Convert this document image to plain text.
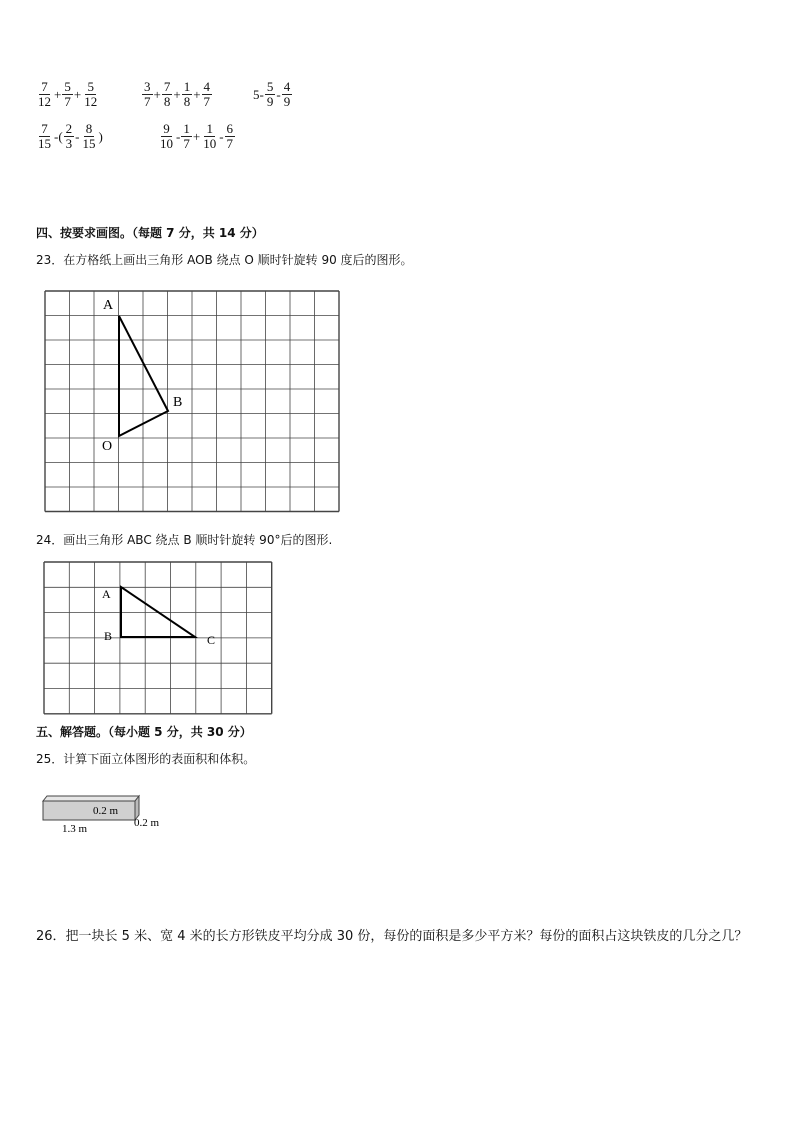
$\frac{7}{12} + \frac{5}{7} + \frac{5}{12}$	$\frac{3}{7} + \frac{7}{8} + \frac{1}{8} + \frac{4}{7}$	$5- \frac{5}{9} - \frac{4}{9}$
$\frac{7}{15}$ -( $\frac{2}{3} - \frac{8}{15}$ )	$\frac{9}{10} - \frac{1}{7} + \frac{1}{10} - \frac{6}{7}$
四、按要求画图。（每题 7 分，共 14 分）
23．在方格纸上画出三角形 AOB 绕点 O 顺时针旋转 90 度后的图形。
A
B
O
24．画出三角形 ABC 绕点 B 顺时针旋转 90°后的图形.
A
B	C
五、解答题。（每小题 5 分，共 30 分）
25．计算下面立体图形的表面积和体积。
0.2 m
0.2 m
1.3 m
26．把一块长 5 米、宽 4 米的长方形铁皮平均分成 30 份，每份的面积是多少平方米？每份的面积占这块铁皮的几分之几？
